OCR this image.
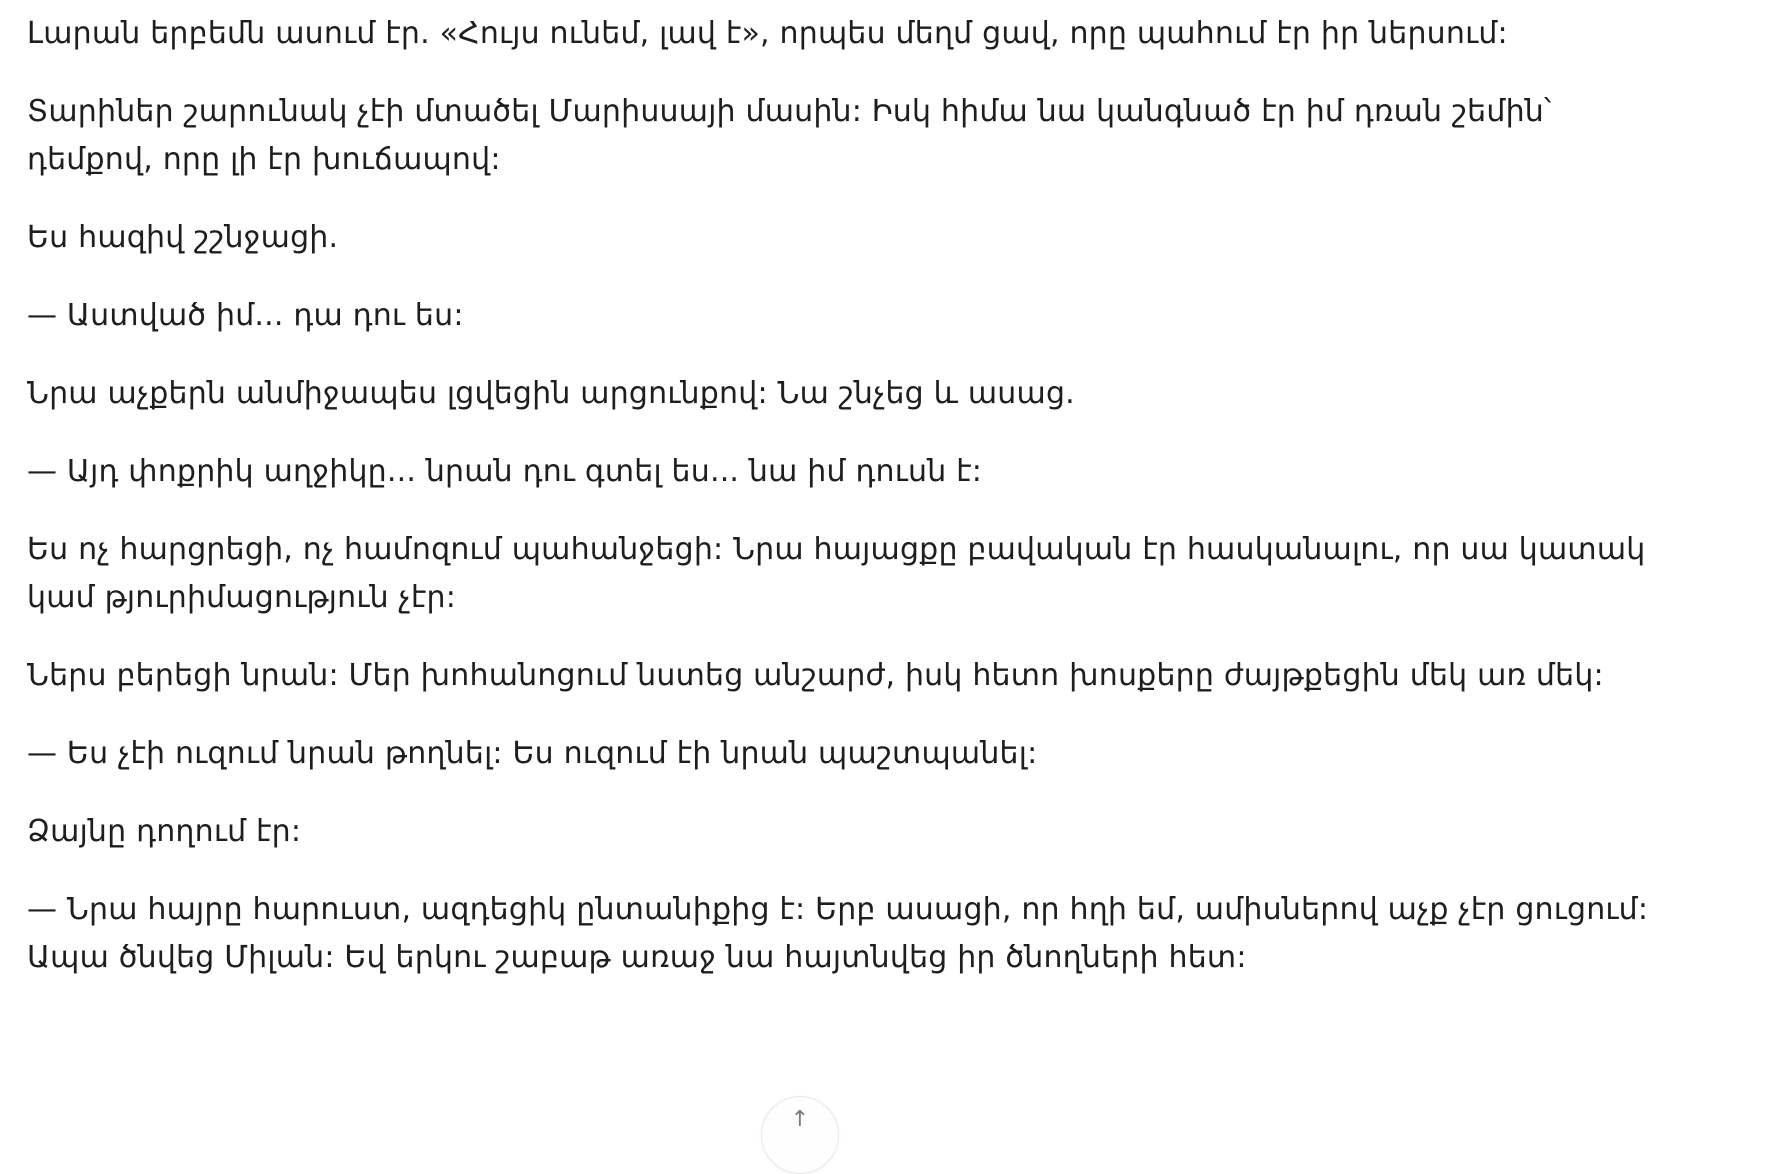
Լարան երբեմն ասում էր. «Հույս ունեմ, լավ է», որպես մեղմ ցավ, որը պահում էր իր ներսում:

Տարիներ շարունակ չէի մտածել Մարիսսայի մասին: Իսկ հիմա նա կանգնած էր իմ դռան շեմին՝
դեմքով, որը լի էր խուճապով:

Ես հազիվ շշնջացի.

— Աստված իմ... դա դու ես:

Նրա աչքերն անմիջապես լցվեցին արցունքով: Նա շնչեց և ասաց.

— Այդ փոքրիկ աղջիկը... նրան դու գտել ես... նա իմ դուսն է:

Ես ոչ հարցրեցի, ոչ համոզում պահանջեցի: Նրա հայացքը բավական էր հասկանալու, որ սա կատակ
կամ թյուրիմացություն չէր:

Ներս բերեցի նրան: Մեր խոհանոցում նստեց անշարժ, իսկ հետո խոսքերը ժայթքեցին մեկ առ մեկ:

— Ես չէի ուզում նրան թողնել: Ես ուզում էի նրան պաշտպանել:

Ձայնը դողում էր:

— Նրա հայրը հարուստ, ազդեցիկ ընտանիքից է: Երբ ասացի, որ հղի եմ, ամիսներով աչք չէր ցուցում:
Ապա ծնվեց Միլան: Եվ երկու շաբաթ առաջ նա հայտնվեց իր ծնողների հետ:

↑
